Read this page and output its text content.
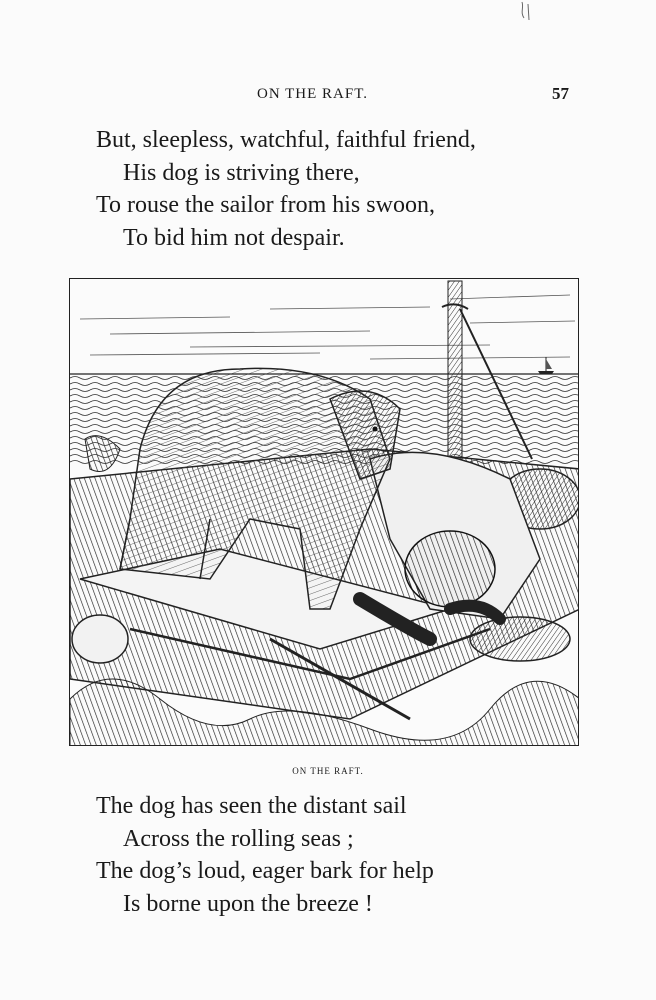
ON THE RAFT.	57
But, sleepless, watchful, faithful friend,
His dog is striving there,
To rouse the sailor from his swoon,
To bid him not despair.
ON THE RAFT.
The dog has seen the distant sail
Across the rolling seas ;
The dog’s loud, eager bark for help
Is borne upon the breeze !
